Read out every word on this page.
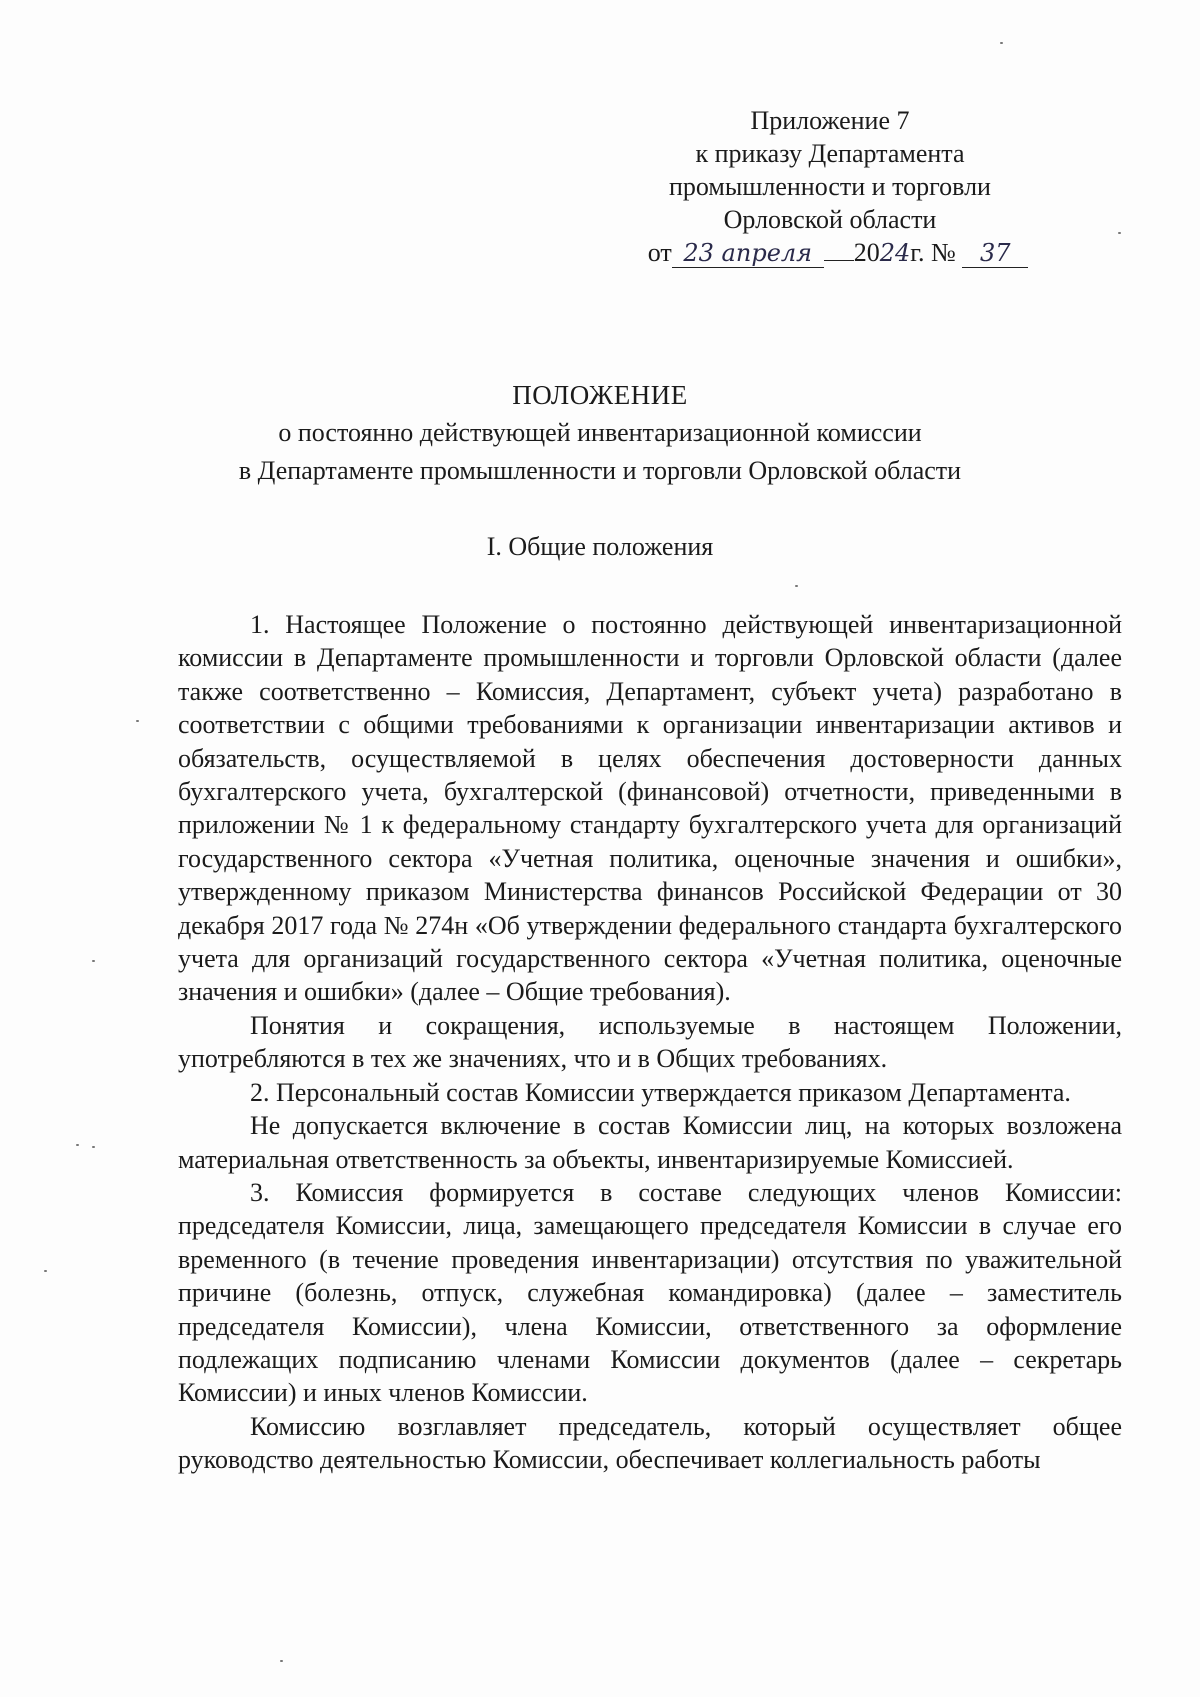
Приложение 7
к приказу Департамента
промышленности и торговли
Орловской области
от 23 апреля 2024 г. № 37
ПОЛОЖЕНИЕ
о постоянно действующей инвентаризационной комиссии
в Департаменте промышленности и торговли Орловской области
I. Общие положения

1. Настоящее Положение о постоянно действующей инвентаризационной комиссии в Департаменте промышленности и торговли Орловской области (далее также соответственно – Комиссия, Департамент, субъект учета) разработано в соответствии с общими требованиями к организации инвентаризации активов и обязательств, осуществляемой в целях обеспечения достоверности данных бухгалтерского учета, бухгалтерской (финансовой) отчетности, приведенными в приложении № 1 к федеральному стандарту бухгалтерского учета для организаций государственного сектора «Учетная политика, оценочные значения и ошибки», утвержденному приказом Министерства финансов Российской Федерации от 30 декабря 2017 года № 274н «Об утверждении федерального стандарта бухгалтерского учета для организаций государственного сектора «Учетная политика, оценочные значения и ошибки» (далее – Общие требования).

Понятия и сокращения, используемые в настоящем Положении, употребляются в тех же значениях, что и в Общих требованиях.

2. Персональный состав Комиссии утверждается приказом Департамента.

Не допускается включение в состав Комиссии лиц, на которых возложена материальная ответственность за объекты, инвентаризируемые Комиссией.

3. Комиссия формируется в составе следующих членов Комиссии: председателя Комиссии, лица, замещающего председателя Комиссии в случае его временного (в течение проведения инвентаризации) отсутствия по уважительной причине (болезнь, отпуск, служебная командировка) (далее – заместитель председателя Комиссии), члена Комиссии, ответственного за оформление подлежащих подписанию членами Комиссии документов (далее – секретарь Комиссии) и иных членов Комиссии.

Комиссию возглавляет председатель, который осуществляет общее руководство деятельностью Комиссии, обеспечивает коллегиальность работы
